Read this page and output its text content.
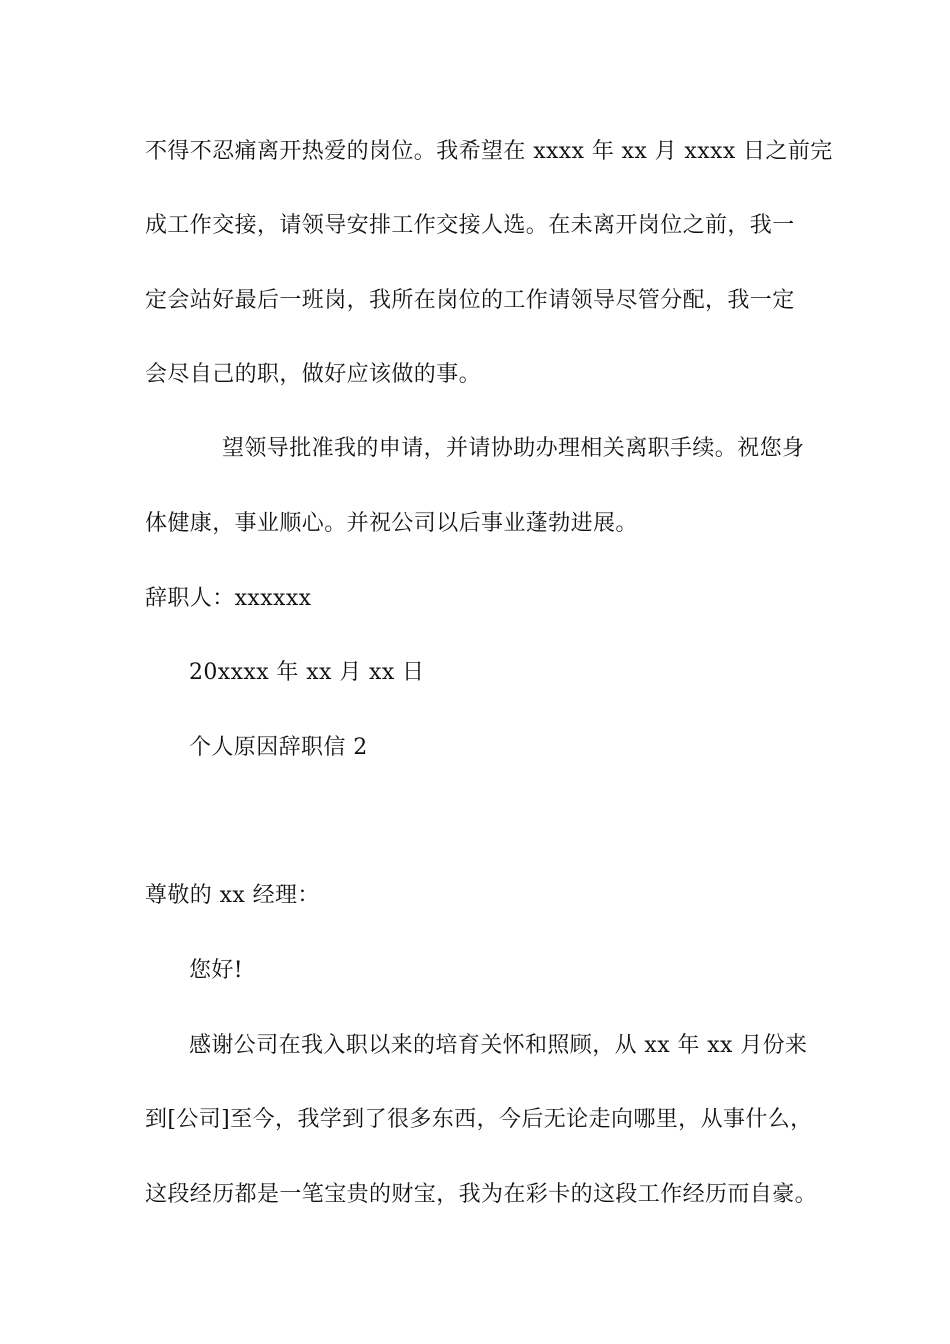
不得不忍痛离开热爱的岗位。我希望在 xxxx 年 xx 月 xxxx 日之前完
成工作交接，请领导安排工作交接人选。在未离开岗位之前，我一
定会站好最后一班岗，我所在岗位的工作请领导尽管分配，我一定
会尽自己的职，做好应该做的事。
望领导批准我的申请，并请协助办理相关离职手续。祝您身
体健康，事业顺心。并祝公司以后事业蓬勃进展。
辞职人：xxxxxx
20xxxx 年 xx 月 xx 日
个人原因辞职信 2
尊敬的 xx 经理：
您好!
感谢公司在我入职以来的培育关怀和照顾，从 xx 年 xx 月份来
到[公司]至今，我学到了很多东西，今后无论走向哪里，从事什么，
这段经历都是一笔宝贵的财宝，我为在彩卡的这段工作经历而自豪。
